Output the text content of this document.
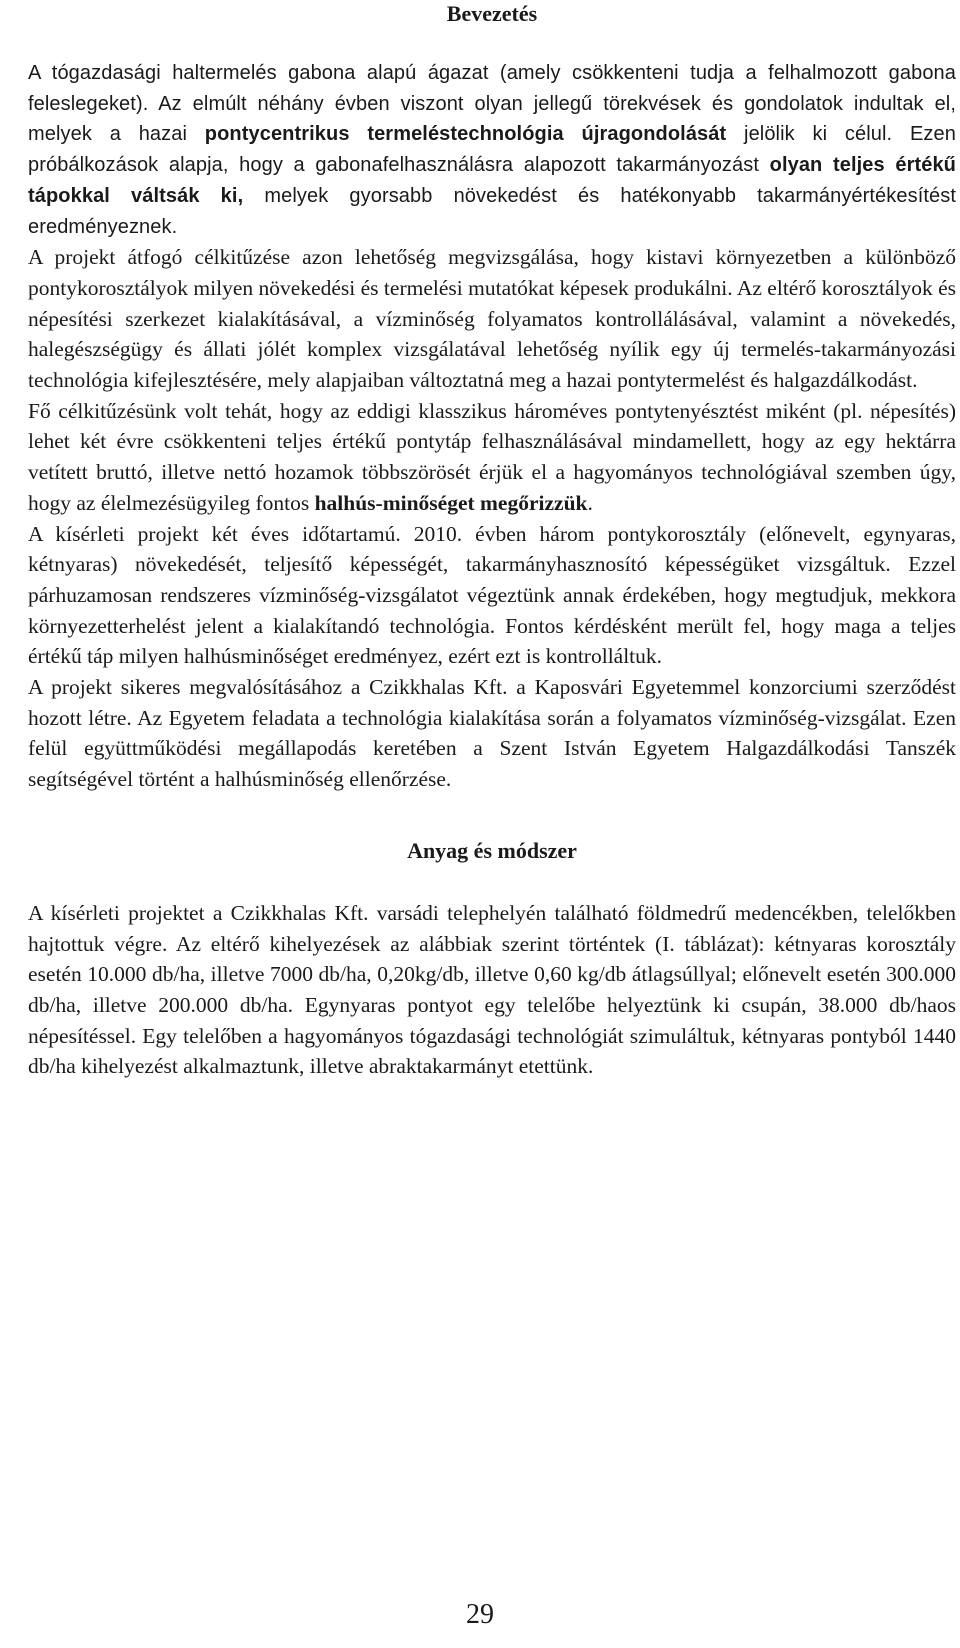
Bevezetés

A tógazdasági haltermelés gabona alapú ágazat (amely csökkenteni tudja a felhalmozott gabona feleslegeket). Az elmúlt néhány évben viszont olyan jellegű törekvések és gondolatok indultak el, melyek a hazai pontycentrikus termeléstechnológia újragondolását jelölik ki célul. Ezen próbálkozások alapja, hogy a gabonafelhasználásra alapozott takarmányozást olyan teljes értékű tápokkal váltsák ki, melyek gyorsabb növekedést és hatékonyabb takarmányértékesítést eredményeznek.

A projekt átfogó célkitűzése azon lehetőség megvizsgálása, hogy kistavi környezetben a különböző pontykorosztályok milyen növekedési és termelési mutatókat képesek produkálni. Az eltérő korosztályok és népesítési szerkezet kialakításával, a vízminőség folyamatos kontrollálásával, valamint a növekedés, halegészségügy és állati jólét komplex vizsgálatával lehetőség nyílik egy új termelés-takarmányozási technológia kifejlesztésére, mely alapjaiban változtatná meg a hazai pontytermelést és halgazdálkodást.

Fő célkitűzésünk volt tehát, hogy az eddigi klasszikus hároméves pontytenyésztést miként (pl. népesítés) lehet két évre csökkenteni teljes értékű pontytáp felhasználásával mindamellett, hogy az egy hektárra vetített bruttó, illetve nettó hozamok többszörösét érjük el a hagyományos technológiával szemben úgy, hogy az élelmezésügyileg fontos halhús-minőséget megőrizzük.

A kísérleti projekt két éves időtartamú. 2010. évben három pontykorosztály (előnevelt, egynyaras, kétnyaras) növekedését, teljesítő képességét, takarmányhasznosító képességüket vizsgáltuk. Ezzel párhuzamosan rendszeres vízminőség-vizsgálatot végeztünk annak érdekében, hogy megtudjuk, mekkora környezetterhelést jelent a kialakítandó technológia. Fontos kérdésként merült fel, hogy maga a teljes értékű táp milyen halhúsminőséget eredményez, ezért ezt is kontrolláltuk.

A projekt sikeres megvalósításához a Czikkhalas Kft. a Kaposvári Egyetemmel konzorciumi szerződést hozott létre. Az Egyetem feladata a technológia kialakítása során a folyamatos vízminőség-vizsgálat. Ezen felül együttműködési megállapodás keretében a Szent István Egyetem Halgazdálkodási Tanszék segítségével történt a halhúsminőség ellenőrzése.

Anyag és módszer

A kísérleti projektet a Czikkhalas Kft. varsádi telephelyén található földmedrű medencékben, telelőkben hajtottuk végre. Az eltérő kihelyezések az alábbiak szerint történtek (I. táblázat): kétnyaras korosztály esetén 10.000 db/ha, illetve 7000 db/ha, 0,20kg/db, illetve 0,60 kg/db átlagsúllyal; előnevelt esetén 300.000 db/ha, illetve 200.000 db/ha. Egynyaras pontyot egy telelőbe helyeztünk ki csupán, 38.000 db/haos népesítéssel. Egy telelőben a hagyományos tógazdasági technológiát szimuláltuk, kétnyaras pontyból 1440 db/ha kihelyezést alkalmaztunk, illetve abraktakarmányt etettünk.

29
